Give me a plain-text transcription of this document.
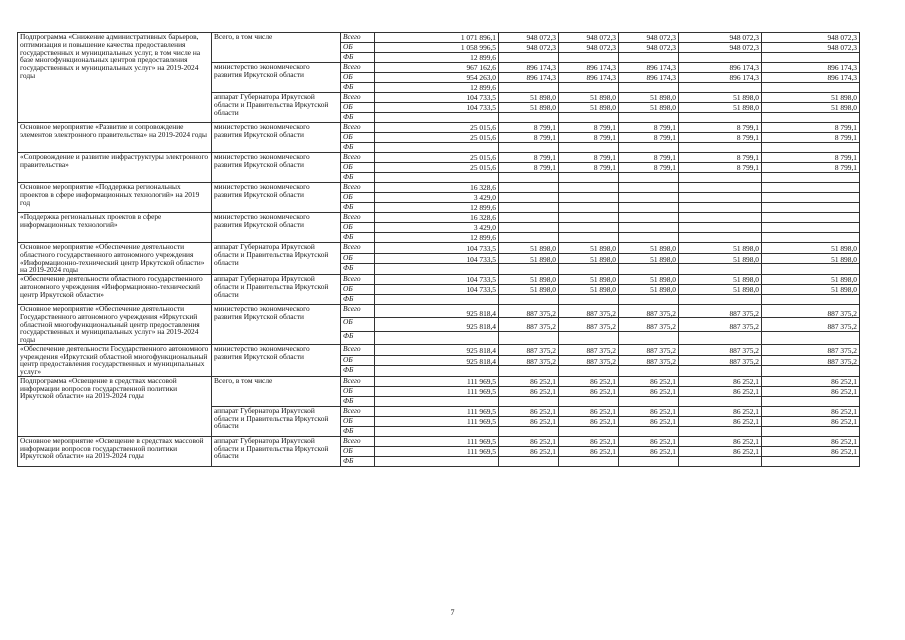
Подпрограмма «Снижение административных барьеров, оптимизация и повышение качества предоставления государственных и муниципальных услуг, в том числе на базе многофункциональных центров предоставления государственных и муниципальных услуг» на 2019-2024 годы	Всего, в том числе	Всего	1 071 896,1	948 072,3	948 072,3	948 072,3	948 072,3	948 072,3
		ОБ	1 058 996,5	948 072,3	948 072,3	948 072,3	948 072,3	948 072,3
		ФБ	12 899,6					
	министерство экономического развития Иркутской области	Всего	967 162,6	896 174,3	896 174,3	896 174,3	896 174,3	896 174,3
		ОБ	954 263,0	896 174,3	896 174,3	896 174,3	896 174,3	896 174,3
		ФБ	12 899,6					
	аппарат Губернатора Иркутской области и Правительства Иркутской области	Всего	104 733,5	51 898,0	51 898,0	51 898,0	51 898,0	51 898,0
		ОБ	104 733,5	51 898,0	51 898,0	51 898,0	51 898,0	51 898,0
		ФБ						
Основное мероприятие «Развитие и сопровождение элементов электронного правительства» на 2019-2024 годы	министерство экономического развития Иркутской области	Всего	25 015,6	8 799,1	8 799,1	8 799,1	8 799,1	8 799,1
		ОБ	25 015,6	8 799,1	8 799,1	8 799,1	8 799,1	8 799,1
		ФБ						
«Сопровождение и развитие инфраструктуры электронного правительства»	министерство экономического развития Иркутской области	Всего	25 015,6	8 799,1	8 799,1	8 799,1	8 799,1	8 799,1
		ОБ	25 015,6	8 799,1	8 799,1	8 799,1	8 799,1	8 799,1
		ФБ						
Основное мероприятие «Поддержка региональных проектов в сфере информационных технологий» на 2019 год	министерство экономического развития Иркутской области	Всего	16 328,6					
		ОБ	3 429,0					
		ФБ	12 899,6					
«Поддержка региональных проектов в сфере информационных технологий»	министерство экономического развития Иркутской области	Всего	16 328,6					
		ОБ	3 429,0					
		ФБ	12 899,6					
Основное мероприятие «Обеспечение деятельности областного государственного автономного учреждения «Информационно-технический центр Иркутской области» на 2019-2024 годы	аппарат Губернатора Иркутской области и Правительства Иркутской области	Всего	104 733,5	51 898,0	51 898,0	51 898,0	51 898,0	51 898,0
		ОБ	104 733,5	51 898,0	51 898,0	51 898,0	51 898,0	51 898,0
		ФБ						
«Обеспечение деятельности областного государственного автономного учреждения «Информационно-технический центр Иркутской области»	аппарат Губернатора Иркутской области и Правительства Иркутской области	Всего	104 733,5	51 898,0	51 898,0	51 898,0	51 898,0	51 898,0
		ОБ	104 733,5	51 898,0	51 898,0	51 898,0	51 898,0	51 898,0
		ФБ						
Основное мероприятие «Обеспечение деятельности Государственного автономного учреждения «Иркутский областной многофункциональный центр предоставления государственных и муниципальных услуг» на 2019-2024 годы	министерство экономического развития Иркутской области	Всего	925 818,4	887 375,2	887 375,2	887 375,2	887 375,2	887 375,2
		ОБ	925 818,4	887 375,2	887 375,2	887 375,2	887 375,2	887 375,2
		ФБ						
«Обеспечение деятельности Государственного автономного учреждения «Иркутский областной многофункциональный центр предоставления государственных и муниципальных услуг»	министерство экономического развития Иркутской области	Всего	925 818,4	887 375,2	887 375,2	887 375,2	887 375,2	887 375,2
		ОБ	925 818,4	887 375,2	887 375,2	887 375,2	887 375,2	887 375,2
		ФБ						
Подпрограмма «Освещение в средствах массовой информации вопросов государственной политики Иркутской области» на 2019-2024 годы	Всего, в том числе	Всего	111 969,5	86 252,1	86 252,1	86 252,1	86 252,1	86 252,1
		ОБ	111 969,5	86 252,1	86 252,1	86 252,1	86 252,1	86 252,1
		ФБ						
	аппарат Губернатора Иркутской области и Правительства Иркутской области	Всего	111 969,5	86 252,1	86 252,1	86 252,1	86 252,1	86 252,1
		ОБ	111 969,5	86 252,1	86 252,1	86 252,1	86 252,1	86 252,1
		ФБ						
Основное мероприятие «Освещение в средствах массовой информации вопросов государственной политики Иркутской области» на 2019-2024 годы	аппарат Губернатора Иркутской области и Правительства Иркутской области	Всего	111 969,5	86 252,1	86 252,1	86 252,1	86 252,1	86 252,1
		ОБ	111 969,5	86 252,1	86 252,1	86 252,1	86 252,1	86 252,1
		ФБ						
7
